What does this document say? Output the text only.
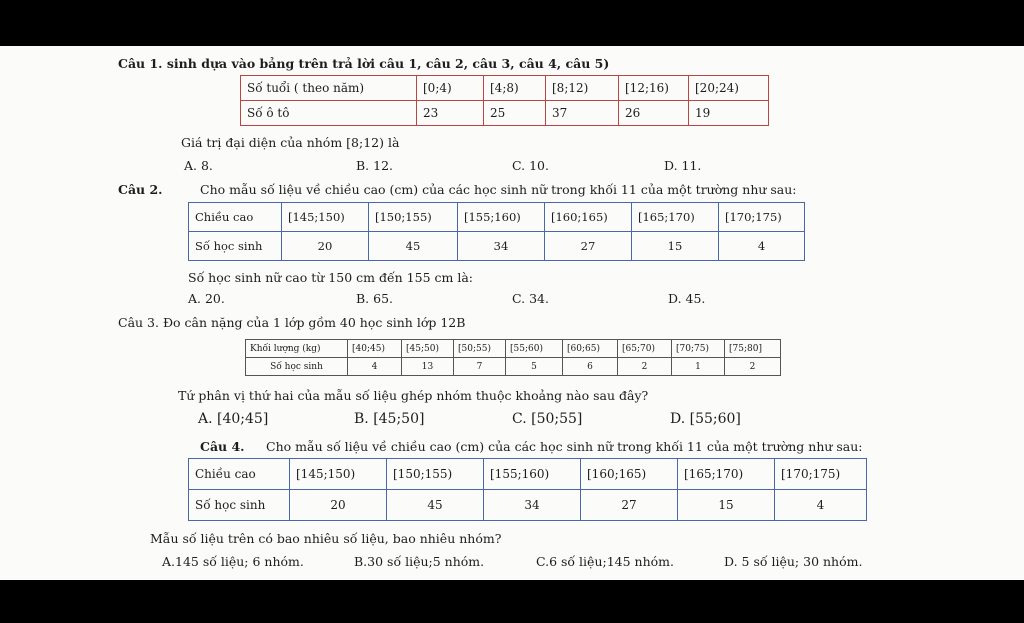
Câu 1. sinh dựa vào bảng trên trả lời câu 1, câu 2, câu 3, câu 4, câu 5)
Số tuổi ( theo năm)	[0;4)	[4;8)	[8;12)	[12;16)	[20;24)
Số ô tô	23	25	37	26	19
Giá trị đại diện của nhóm [8;12) là
A. 8.	B. 12.	C. 10.	D. 11.
Câu 2.	Cho mẫu số liệu về chiều cao (cm) của các học sinh nữ trong khối 11 của một trường như sau:
Chiều cao	[145;150)	[150;155)	[155;160)	[160;165)	[165;170)	[170;175)
Số học sinh	20	45	34	27	15	4
Số học sinh nữ cao từ 150 cm đến 155 cm là:
A. 20.	B. 65.	C. 34.	D. 45.
Câu 3. Đo cân nặng của 1 lớp gồm 40 học sinh lớp 12B
Khối lượng (kg)	[40;45)	[45;50)	[50;55)	[55;60)	[60;65)	[65;70)	[70;75)	[75;80]
Số học sinh	4	13	7	5	6	2	1	2
Tứ phân vị thứ hai của mẫu số liệu ghép nhóm thuộc khoảng nào sau đây?
A. [40;45]	B. [45;50]	C. [50;55]	D. [55;60]
Câu 4. Cho mẫu số liệu về chiều cao (cm) của các học sinh nữ trong khối 11 của một trường như sau:
Chiều cao	[145;150)	[150;155)	[155;160)	[160;165)	[165;170)	[170;175)
Số học sinh	20	45	34	27	15	4
Mẫu số liệu trên có bao nhiêu số liệu, bao nhiêu nhóm?
A.145 số liệu; 6 nhóm.	B.30 số liệu;5 nhóm.	C.6 số liệu;145 nhóm.	D. 5 số liệu; 30 nhóm.
